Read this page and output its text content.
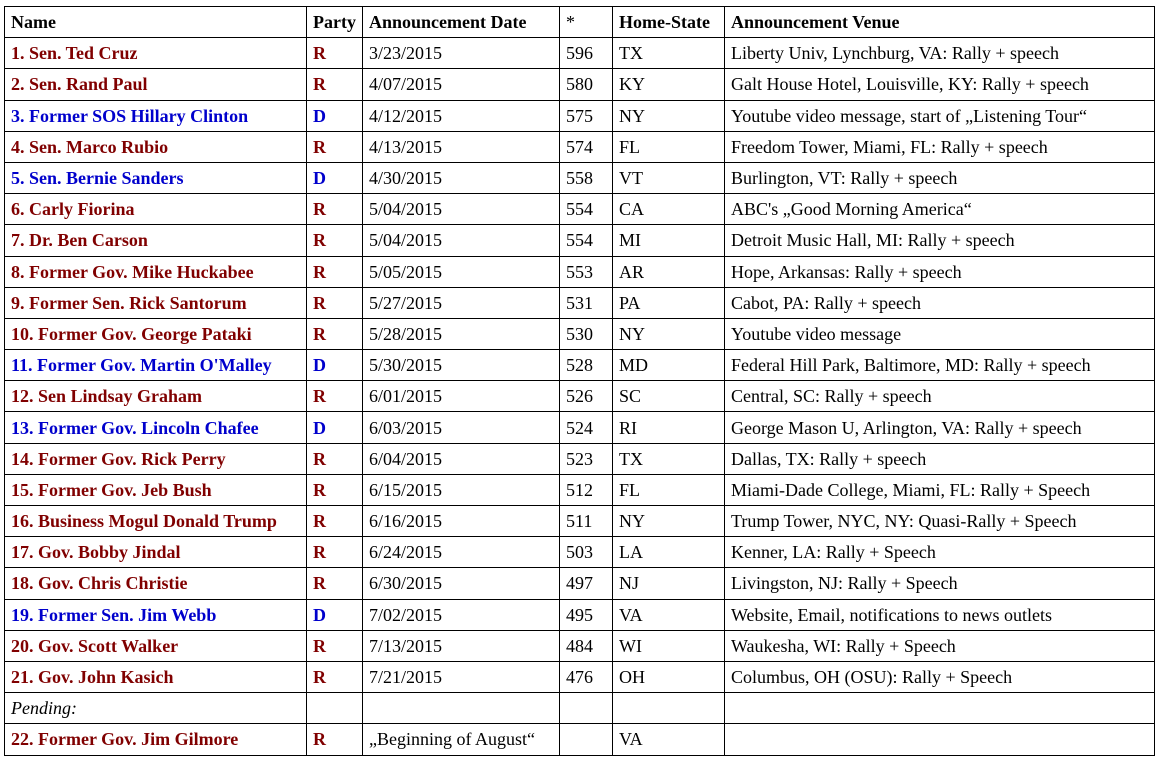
Name	Party	Announcement Date	*	Home-State	Announcement Venue
1. Sen. Ted Cruz	R	3/23/2015	596	TX	Liberty Univ, Lynchburg, VA: Rally + speech
2. Sen. Rand Paul	R	4/07/2015	580	KY	Galt House Hotel, Louisville, KY: Rally + speech
3. Former SOS Hillary Clinton	D	4/12/2015	575	NY	Youtube video message, start of „Listening Tour“
4. Sen. Marco Rubio	R	4/13/2015	574	FL	Freedom Tower, Miami, FL: Rally + speech
5. Sen. Bernie Sanders	D	4/30/2015	558	VT	Burlington, VT: Rally + speech
6. Carly Fiorina	R	5/04/2015	554	CA	ABC's „Good Morning America“
7. Dr. Ben Carson	R	5/04/2015	554	MI	Detroit Music Hall, MI: Rally + speech
8. Former Gov. Mike Huckabee	R	5/05/2015	553	AR	Hope, Arkansas: Rally + speech
9. Former Sen. Rick Santorum	R	5/27/2015	531	PA	Cabot, PA: Rally + speech
10. Former Gov. George Pataki	R	5/28/2015	530	NY	Youtube video message
11. Former Gov. Martin O'Malley	D	5/30/2015	528	MD	Federal Hill Park, Baltimore, MD: Rally + speech
12. Sen Lindsay Graham	R	6/01/2015	526	SC	Central, SC: Rally + speech
13. Former Gov. Lincoln Chafee	D	6/03/2015	524	RI	George Mason U, Arlington, VA: Rally + speech
14. Former Gov. Rick Perry	R	6/04/2015	523	TX	Dallas, TX: Rally + speech
15. Former Gov. Jeb Bush	R	6/15/2015	512	FL	Miami-Dade College, Miami, FL: Rally + Speech
16. Business Mogul Donald Trump	R	6/16/2015	511	NY	Trump Tower, NYC, NY: Quasi-Rally + Speech
17. Gov. Bobby Jindal	R	6/24/2015	503	LA	Kenner, LA: Rally + Speech
18. Gov. Chris Christie	R	6/30/2015	497	NJ	Livingston, NJ: Rally + Speech
19. Former Sen. Jim Webb	D	7/02/2015	495	VA	Website, Email, notifications to news outlets
20. Gov. Scott Walker	R	7/13/2015	484	WI	Waukesha, WI: Rally + Speech
21. Gov. John Kasich	R	7/21/2015	476	OH	Columbus, OH (OSU): Rally + Speech
Pending:					
22. Former Gov. Jim Gilmore	R	„Beginning of August“		VA	
